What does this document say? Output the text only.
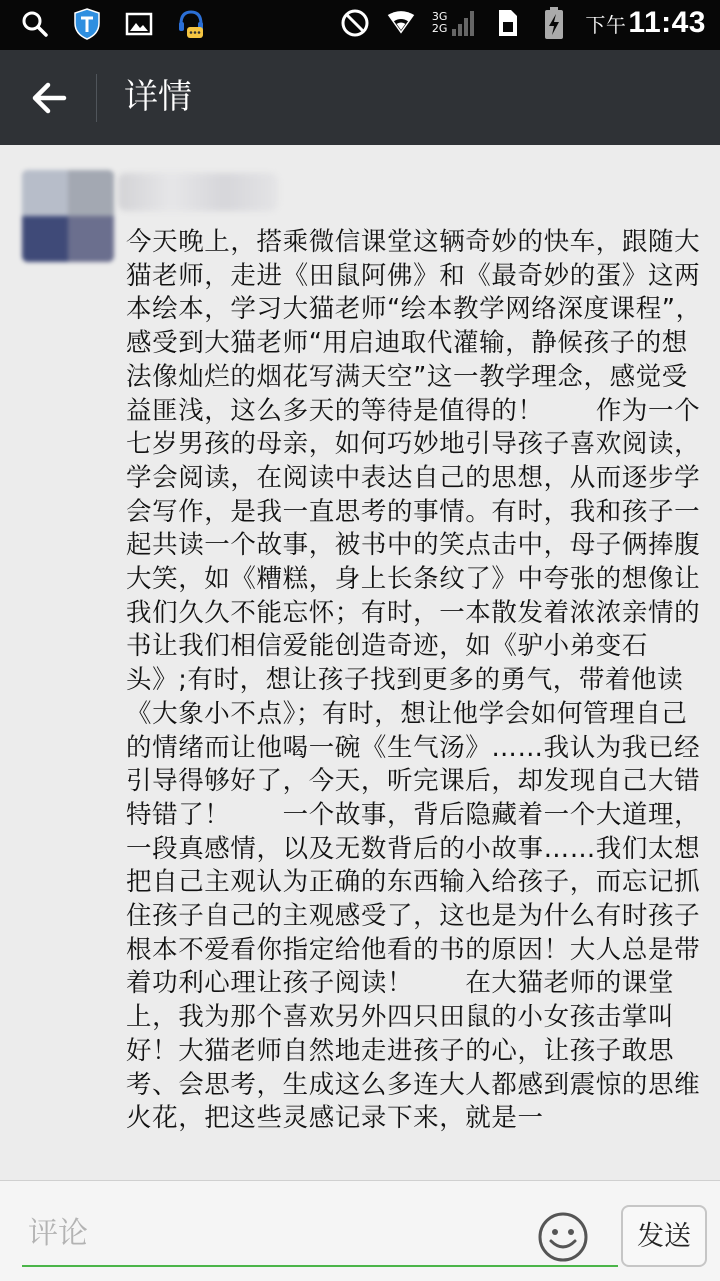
3G
2G	下午11:43
详情

今天晚上，搭乘微信课堂这辆奇妙的快车，跟随大猫老师，走进《田鼠阿佛》和《最奇妙的蛋》这两本绘本，学习大猫老师“绘本教学网络深度课程”，感受到大猫老师“用启迪取代灌输，静候孩子的想法像灿烂的烟花写满天空”这一教学理念，感觉受益匪浅，这么多天的等待是值得的！      作为一个七岁男孩的母亲，如何巧妙地引导孩子喜欢阅读，学会阅读，在阅读中表达自己的思想，从而逐步学会写作，是我一直思考的事情。有时，我和孩子一起共读一个故事，被书中的笑点击中，母子俩捧腹大笑，如《糟糕，身上长条纹了》中夸张的想像让我们久久不能忘怀；有时，一本散发着浓浓亲情的书让我们相信爱能创造奇迹，如《驴小弟变石头》;有时，想让孩子找到更多的勇气，带着他读《大象小不点》；有时，想让他学会如何管理自己的情绪而让他喝一碗《生气汤》……我认为我已经引导得够好了，今天，听完课后，却发现自己大错特错了！      一个故事，背后隐藏着一个大道理，一段真感情，以及无数背后的小故事……我们太想把自己主观认为正确的东西输入给孩子，而忘记抓住孩子自己的主观感受了，这也是为什么有时孩子根本不爱看你指定给他看的书的原因！大人总是带着功利心理让孩子阅读！      在大猫老师的课堂上，我为那个喜欢另外四只田鼠的小女孩击掌叫好！大猫老师自然地走进孩子的心，让孩子敢思考、会思考，生成这么多连大人都感到震惊的思维火花，把这些灵感记录下来，就是一

评论	发送
